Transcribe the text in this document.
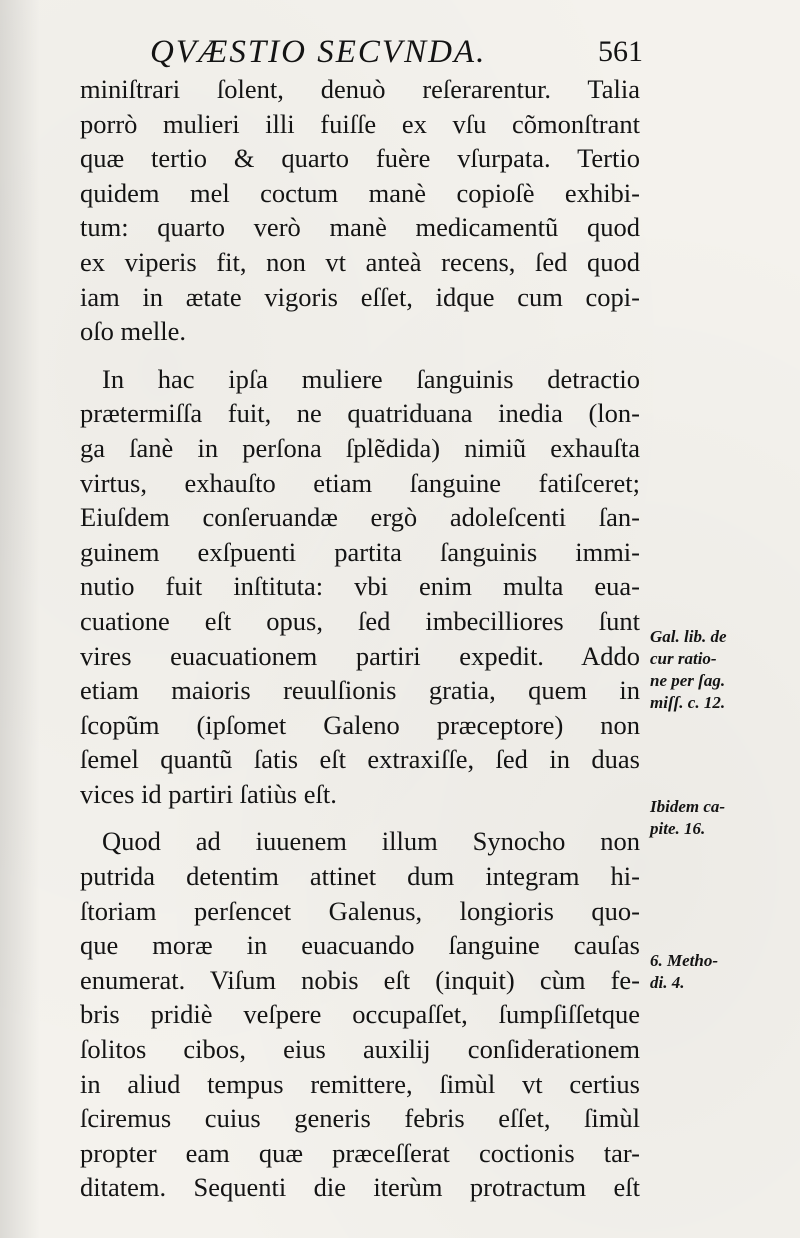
QVÆSTIO SECVNDA.	561
miniſtrari ſolent, denuò reſerarentur. Talia
porrò mulieri illi fuiſſe ex vſu cõmonſtrant
quæ tertio & quarto fuère vſurpata. Tertio
quidem mel coctum manè copioſè exhibi-
tum: quarto verò manè medicamentũ quod
ex viperis fit, non vt anteà recens, ſed quod
iam in ætate vigoris eſſet, idque cum copi-
oſo melle.
In hac ipſa muliere ſanguinis detractio
prætermiſſa fuit, ne quatriduana inedia (lon-
ga ſanè in perſona ſplẽdida) nimiũ exhauſta
virtus, exhauſto etiam ſanguine fatiſceret;
Eiuſdem conſeruandæ ergò adoleſcenti ſan-
guinem exſpuenti partita ſanguinis immi-
nutio fuit inſtituta: vbi enim multa eua-
cuatione eſt opus, ſed imbecilliores ſunt
vires euacuationem partiri expedit. Addo
etiam maioris reuulſionis gratia, quem in
ſcopũm (ipſomet Galeno præceptore) non
ſemel quantũ ſatis eſt extraxiſſe, ſed in duas
vices id partiri ſatiùs eſt.
Quod ad iuuenem illum Synocho non
putrida detentim attinet dum integram hi-
ſtoriam perſencet Galenus, longioris quo-
que moræ in euacuando ſanguine cauſas
enumerat. Viſum nobis eſt (inquit) cùm fe-
bris pridiè veſpere occupaſſet, ſumpſiſſetque
ſolitos cibos, eius auxilij conſiderationem
in aliud tempus remittere, ſimùl vt certius
ſciremus cuius generis febris eſſet, ſimùl
propter eam quæ præceſſerat coctionis tar-
ditatem. Sequenti die iterùm protractum eſt
Gal. lib. de
cur ratio-
ne per ſag.
miſſ. c. 12.
Ibidem ca-
pite. 16.
6. Metho-
di. 4.
